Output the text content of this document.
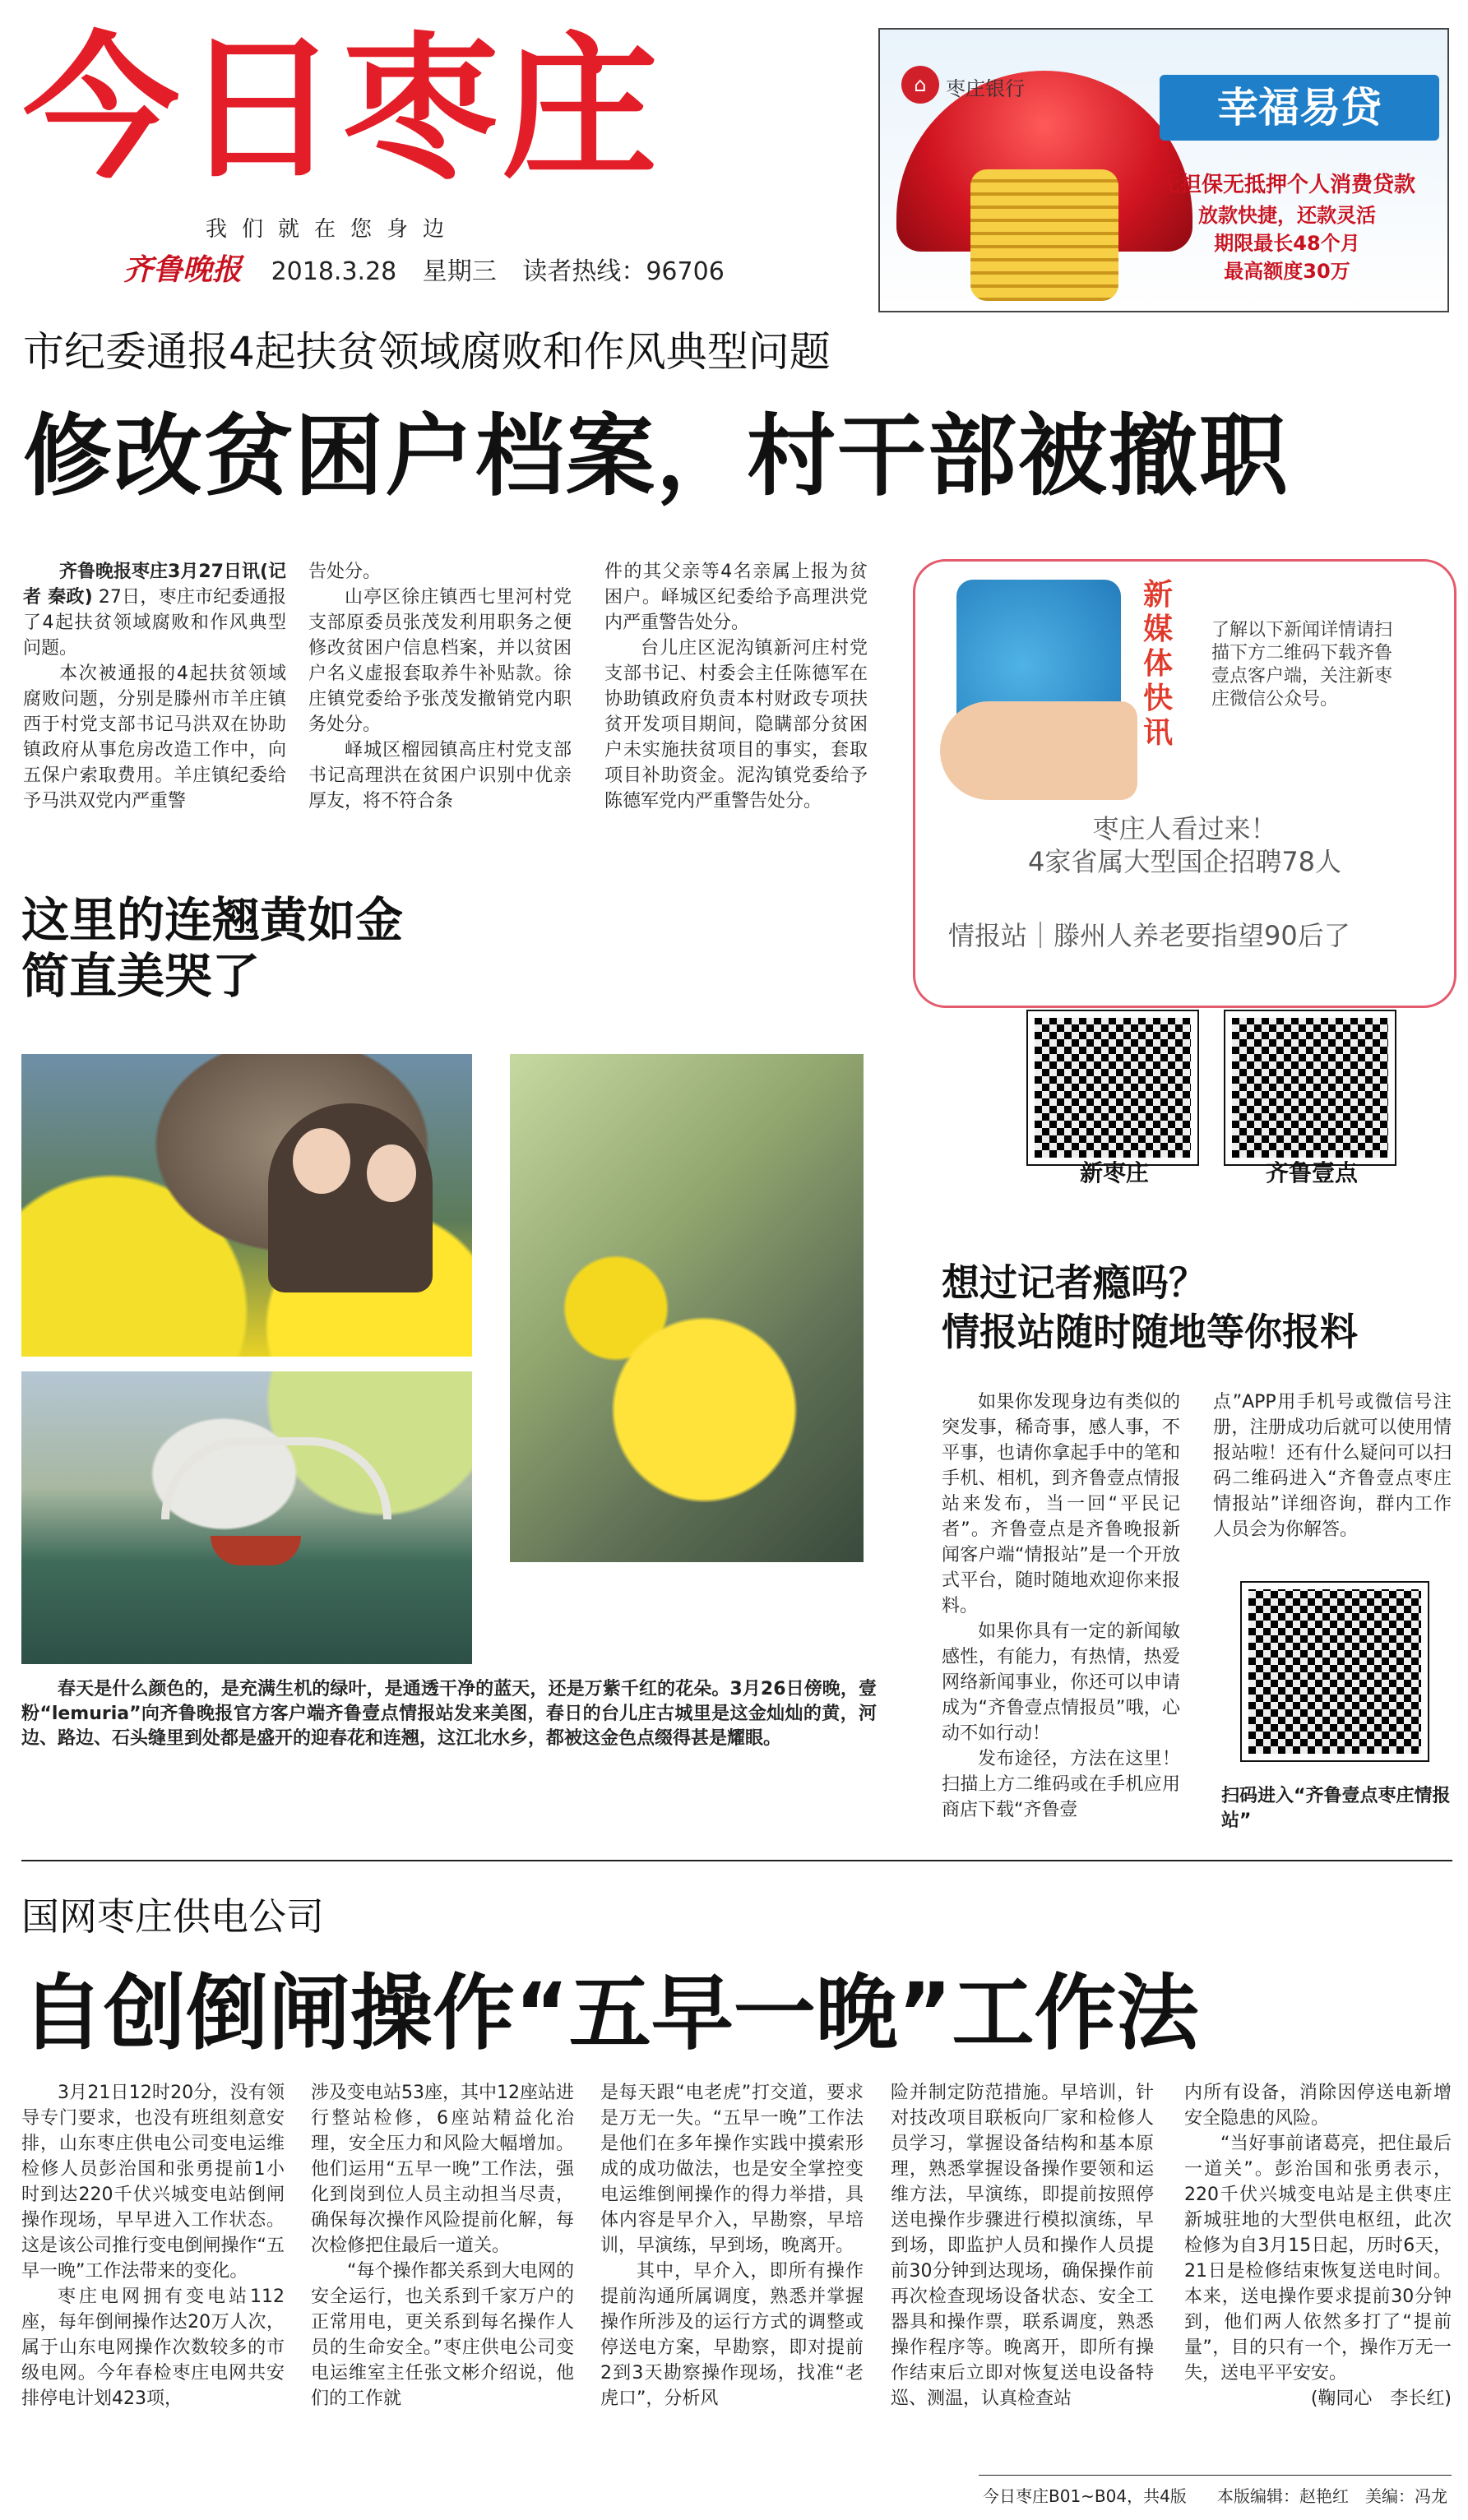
今日枣庄
我们就在您身边
齐鲁晚报 2018.3.28 星期三 读者热线：96706
⌂ 枣庄银行	幸福易贷
无担保无抵押个人消费贷款
放款快捷，还款灵活
期限最长48个月
最高额度30万
市纪委通报4起扶贫领域腐败和作风典型问题
修改贫困户档案，村干部被撤职

齐鲁晚报枣庄3月27日讯(记者 秦政) 27日，枣庄市纪委通报了4起扶贫领域腐败和作风典型问题。

本次被通报的4起扶贫领域腐败问题，分别是滕州市羊庄镇西于村党支部书记马洪双在协助镇政府从事危房改造工作中，向五保户索取费用。羊庄镇纪委给予马洪双党内严重警

告处分。

山亭区徐庄镇西七里河村党支部原委员张茂发利用职务之便修改贫困户信息档案，并以贫困户名义虚报套取养牛补贴款。徐庄镇党委给予张茂发撤销党内职务处分。

峄城区榴园镇高庄村党支部书记高理洪在贫困户识别中优亲厚友，将不符合条

件的其父亲等4名亲属上报为贫困户。峄城区纪委给予高理洪党内严重警告处分。

台儿庄区泥沟镇新河庄村党支部书记、村委会主任陈德军在协助镇政府负责本村财政专项扶贫开发项目期间，隐瞒部分贫困户未实施扶贫项目的事实，套取项目补助资金。泥沟镇党委给予陈德军党内严重警告处分。

新媒体快讯
了解以下新闻详情请扫描下方二维码下载齐鲁壹点客户端，关注新枣庄微信公众号。
枣庄人看过来！
4家省属大型国企招聘78人
情报站｜滕州人养老要指望90后了
新枣庄	齐鲁壹点
这里的连翘黄如金
简直美哭了
春天是什么颜色的，是充满生机的绿叶，是通透干净的蓝天，还是万紫千红的花朵。3月26日傍晚，壹粉“lemuria”向齐鲁晚报官方客户端齐鲁壹点情报站发来美图，春日的台儿庄古城里是这金灿灿的黄，河边、路边、石头缝里到处都是盛开的迎春花和连翘，这江北水乡，都被这金色点缀得甚是耀眼。
想过记者瘾吗？
情报站随时随地等你报料

如果你发现身边有类似的突发事，稀奇事，感人事，不平事，也请你拿起手中的笔和手机、相机，到齐鲁壹点情报站来发布，当一回“平民记者”。齐鲁壹点是齐鲁晚报新闻客户端“情报站”是一个开放式平台，随时随地欢迎你来报料。

如果你具有一定的新闻敏感性，有能力，有热情，热爱网络新闻事业，你还可以申请成为“齐鲁壹点情报员”哦，心动不如行动！

发布途径，方法在这里！扫描上方二维码或在手机应用商店下载“齐鲁壹

点”APP用手机号或微信号注册，注册成功后就可以使用情报站啦！还有什么疑问可以扫码二维码进入“齐鲁壹点枣庄情报站”详细咨询，群内工作人员会为你解答。

扫码进入“齐鲁壹点枣庄情报站”
国网枣庄供电公司
自创倒闸操作“五早一晚”工作法

3月21日12时20分，没有领导专门要求，也没有班组刻意安排，山东枣庄供电公司变电运维检修人员彭治国和张勇提前1小时到达220千伏兴城变电站倒闸操作现场，早早进入工作状态。这是该公司推行变电倒闸操作“五早一晚”工作法带来的变化。

枣庄电网拥有变电站112座，每年倒闸操作达20万人次，属于山东电网操作次数较多的市级电网。今年春检枣庄电网共安排停电计划423项，

涉及变电站53座，其中12座站进行整站检修，6座站精益化治理，安全压力和风险大幅增加。他们运用“五早一晚”工作法，强化到岗到位人员主动担当尽责，确保每次操作风险提前化解，每次检修把住最后一道关。

“每个操作都关系到大电网的安全运行，也关系到千家万户的正常用电，更关系到每名操作人员的生命安全。”枣庄供电公司变电运维室主任张文彬介绍说，他们的工作就

是每天跟“电老虎”打交道，要求是万无一失。“五早一晚”工作法是他们在多年操作实践中摸索形成的成功做法，也是安全掌控变电运维倒闸操作的得力举措，具体内容是早介入，早勘察，早培训，早演练，早到场，晚离开。

其中，早介入，即所有操作提前沟通所属调度，熟悉并掌握操作所涉及的运行方式的调整或停送电方案，早勘察，即对提前2到3天勘察操作现场，找准“老虎口”，分析风

险并制定防范措施。早培训，针对技改项目联板向厂家和检修人员学习，掌握设备结构和基本原理，熟悉掌握设备操作要领和运维方法，早演练，即提前按照停送电操作步骤进行模拟演练，早到场，即监护人员和操作人员提前30分钟到达现场，确保操作前再次检查现场设备状态、安全工器具和操作票，联系调度，熟悉操作程序等。晚离开，即所有操作结束后立即对恢复送电设备特巡、测温，认真检查站

内所有设备，消除因停送电新增安全隐患的风险。

“当好事前诸葛亮，把住最后一道关”。彭治国和张勇表示，220千伏兴城变电站是主供枣庄新城驻地的大型供电枢纽，此次检修为自3月15日起，历时6天，21日是检修结束恢复送电时间。本来，送电操作要求提前30分钟到，他们两人依然多打了“提前量”，目的只有一个，操作万无一失，送电平平安安。

(鞠同心　李长红)

今日枣庄B01~B04，共4版 本版编辑：赵艳红 美编：冯龙
